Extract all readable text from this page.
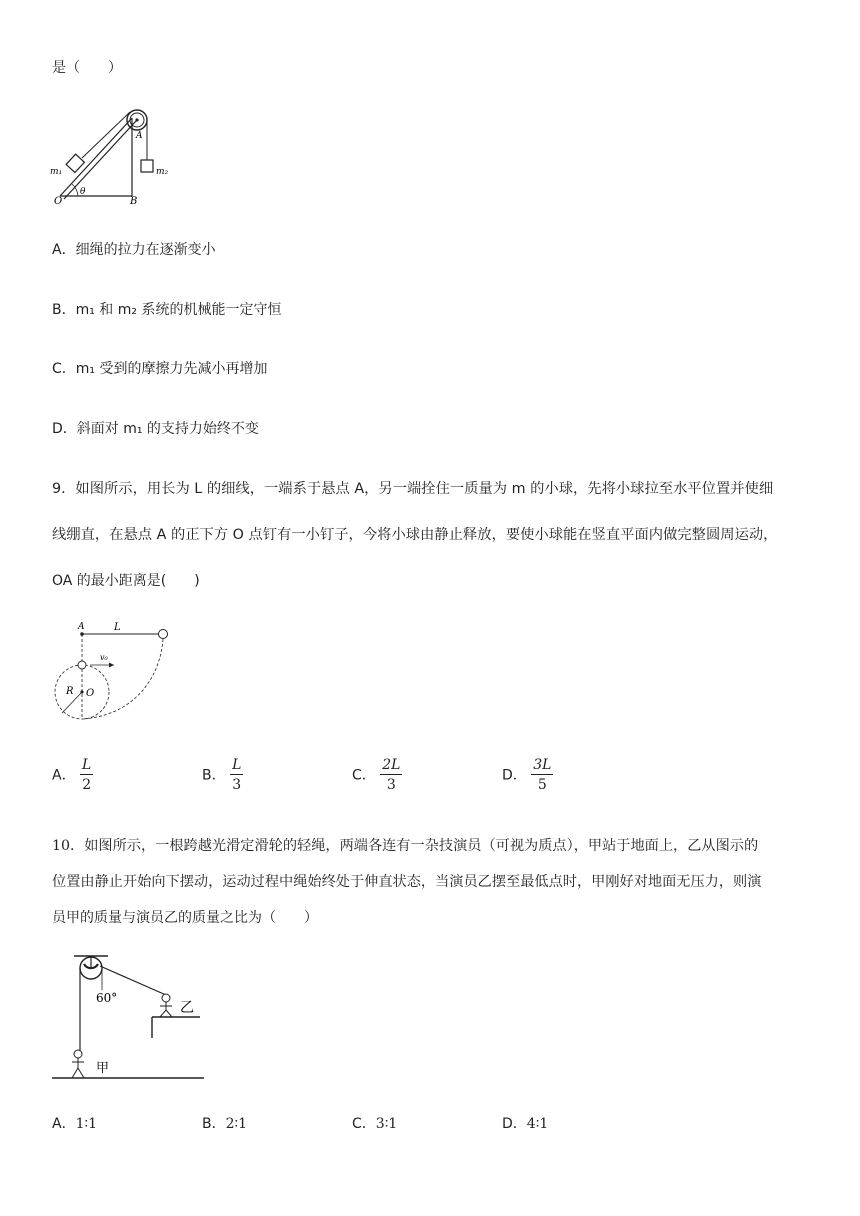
是（　　）
A
m₁	m₂
θ
O	B
A．细绳的拉力在逐渐变小
B．m₁ 和 m₂ 系统的机械能一定守恒
C．m₁ 受到的摩擦力先减小再增加
D．斜面对 m₁ 的支持力始终不变
9．如图所示，用长为 L 的细线，一端系于悬点 A，另一端拴住一质量为 m 的小球，先将小球拉至水平位置并使细
线绷直，在悬点 A 的正下方 O 点钉有一小钉子，今将小球由静止释放，要使小球能在竖直平面内做完整圆周运动，
OA 的最小距离是(　　)
A	L
v₀
R O
A． $\frac{L}{2}$	B． $\frac{L}{3}$	C． $\frac{2L}{3}$	D． $\frac{3L}{5}$
10．如图所示，一根跨越光滑定滑轮的轻绳，两端各连有一杂技演员（可视为质点），甲站于地面上，乙从图示的
位置由静止开始向下摆动，运动过程中绳始终处于伸直状态，当演员乙摆至最低点时，甲刚好对地面无压力，则演
员甲的质量与演员乙的质量之比为（　　）
60°
乙
甲
A．1∶1	B．2∶1	C．3∶1	D．4∶1
